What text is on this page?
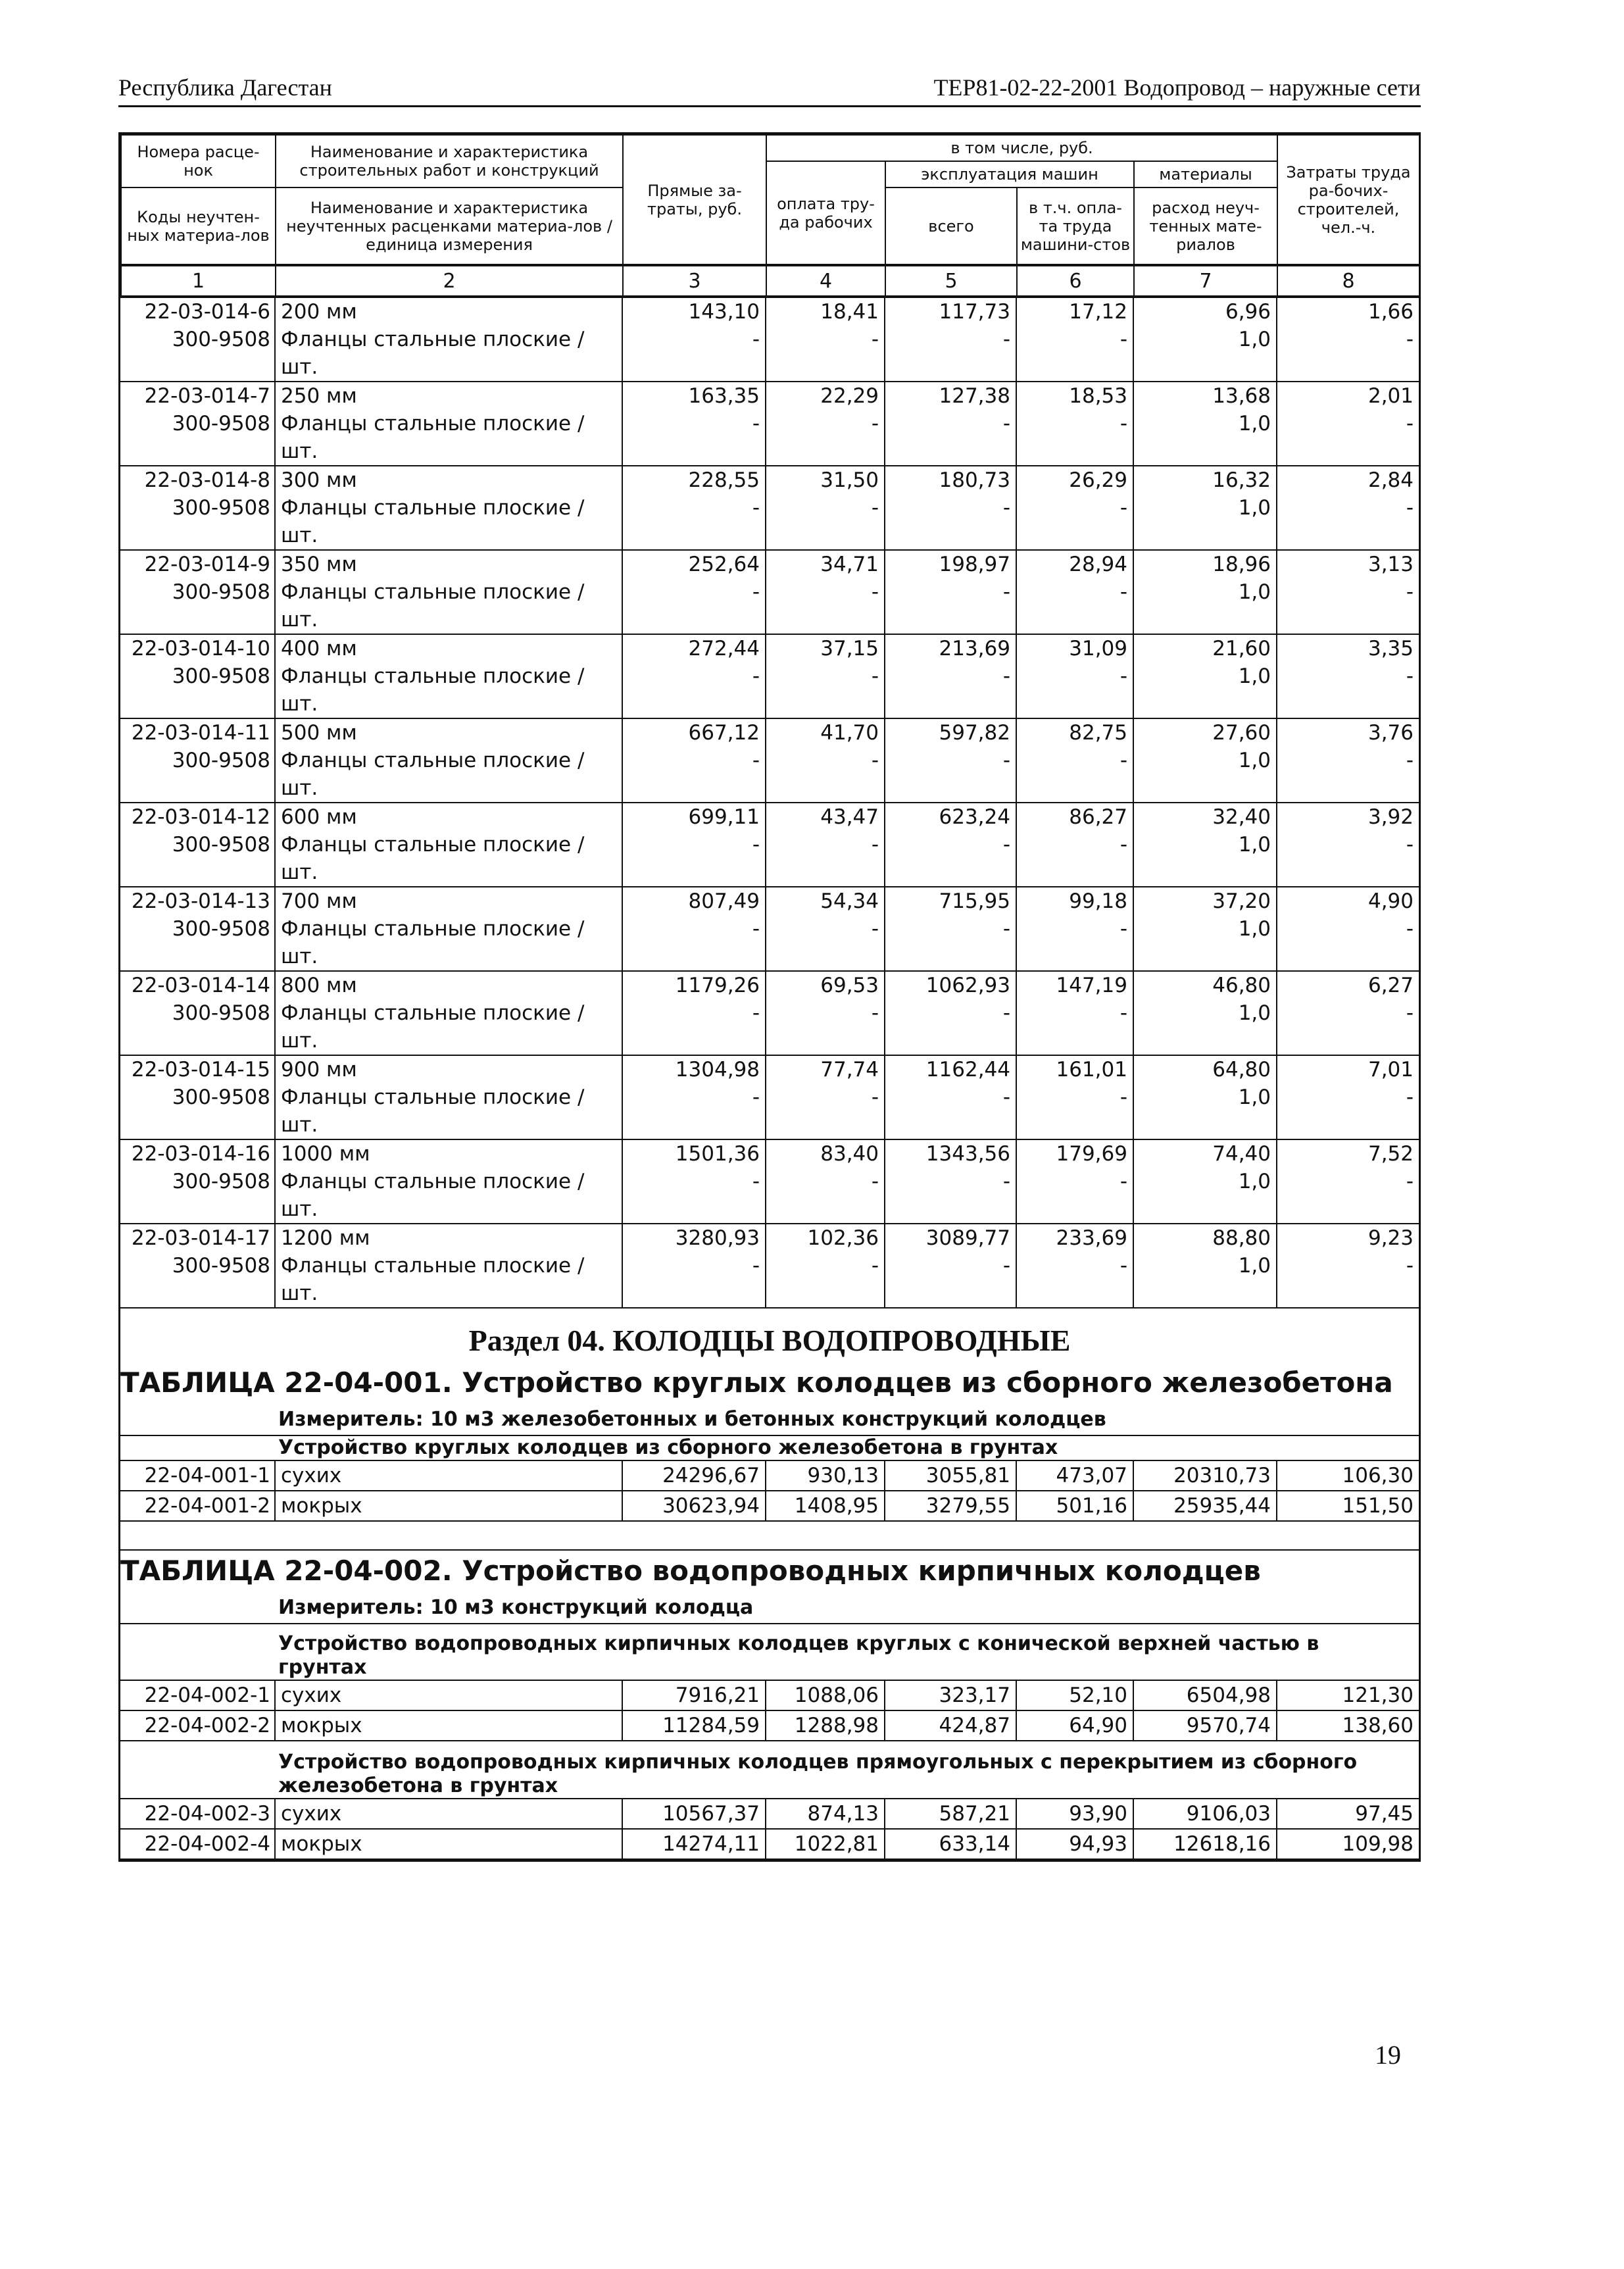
Республика Дагестан	ТЕР81-02-22-2001 Водопровод – наружные сети
Номера расце-нок	Наименование и характеристика строительных работ и конструкций	Прямые за-траты, руб.	в том числе, руб.				Затраты труда ра-бочих-строителей, чел.-ч.
			оплата тру-да рабочих	эксплуатация машин		материалы	
Коды неучтен-ных материа-лов	Наименование и характеристика неучтенных расценками материа-лов / единица измерения			всего	в т.ч. опла-та труда машини-стов	расход неуч-тенных мате-риалов	

1	2	3	4	5	6	7	8
22-03-014-6	200 мм	143,10	18,41	117,73	17,12	6,96	1,66
300-9508	Фланцы стальные плоские /	-	-	-	-	1,0	-
	шт.						
22-03-014-7	250 мм	163,35	22,29	127,38	18,53	13,68	2,01
300-9508	Фланцы стальные плоские /	-	-	-	-	1,0	-
	шт.						
22-03-014-8	300 мм	228,55	31,50	180,73	26,29	16,32	2,84
300-9508	Фланцы стальные плоские /	-	-	-	-	1,0	-
	шт.						
22-03-014-9	350 мм	252,64	34,71	198,97	28,94	18,96	3,13
300-9508	Фланцы стальные плоские /	-	-	-	-	1,0	-
	шт.						
22-03-014-10	400 мм	272,44	37,15	213,69	31,09	21,60	3,35
300-9508	Фланцы стальные плоские /	-	-	-	-	1,0	-
	шт.						
22-03-014-11	500 мм	667,12	41,70	597,82	82,75	27,60	3,76
300-9508	Фланцы стальные плоские /	-	-	-	-	1,0	-
	шт.						
22-03-014-12	600 мм	699,11	43,47	623,24	86,27	32,40	3,92
300-9508	Фланцы стальные плоские /	-	-	-	-	1,0	-
	шт.						
22-03-014-13	700 мм	807,49	54,34	715,95	99,18	37,20	4,90
300-9508	Фланцы стальные плоские /	-	-	-	-	1,0	-
	шт.						
22-03-014-14	800 мм	1179,26	69,53	1062,93	147,19	46,80	6,27
300-9508	Фланцы стальные плоские /	-	-	-	-	1,0	-
	шт.						
22-03-014-15	900 мм	1304,98	77,74	1162,44	161,01	64,80	7,01
300-9508	Фланцы стальные плоские /	-	-	-	-	1,0	-
	шт.						
22-03-014-16	1000 мм	1501,36	83,40	1343,56	179,69	74,40	7,52
300-9508	Фланцы стальные плоские /	-	-	-	-	1,0	-
	шт.						
22-03-014-17	1200 мм	3280,93	102,36	3089,77	233,69	88,80	9,23
300-9508	Фланцы стальные плоские /	-	-	-	-	1,0	-
	шт.						
Раздел 04. КОЛОДЦЫ ВОДОПРОВОДНЫЕ
ТАБЛИЦА 22-04-001. Устройство круглых колодцев из сборного железобетона
Измеритель: 10 м3 железобетонных и бетонных конструкций колодцев
Устройство круглых колодцев из сборного железобетона в грунтах
22-04-001-1	сухих	24296,67	930,13	3055,81	473,07	20310,73	106,30
22-04-001-2	мокрых	30623,94	1408,95	3279,55	501,16	25935,44	151,50
ТАБЛИЦА 22-04-002. Устройство водопроводных кирпичных колодцев
Измеритель: 10 м3 конструкций колодца
Устройство водопроводных кирпичных колодцев круглых с конической верхней частью в грунтах
22-04-002-1	сухих	7916,21	1088,06	323,17	52,10	6504,98	121,30
22-04-002-2	мокрых	11284,59	1288,98	424,87	64,90	9570,74	138,60
Устройство водопроводных кирпичных колодцев прямоугольных с перекрытием из сборного железобетона в грунтах
22-04-002-3	сухих	10567,37	874,13	587,21	93,90	9106,03	97,45
22-04-002-4	мокрых	14274,11	1022,81	633,14	94,93	12618,16	109,98
19
